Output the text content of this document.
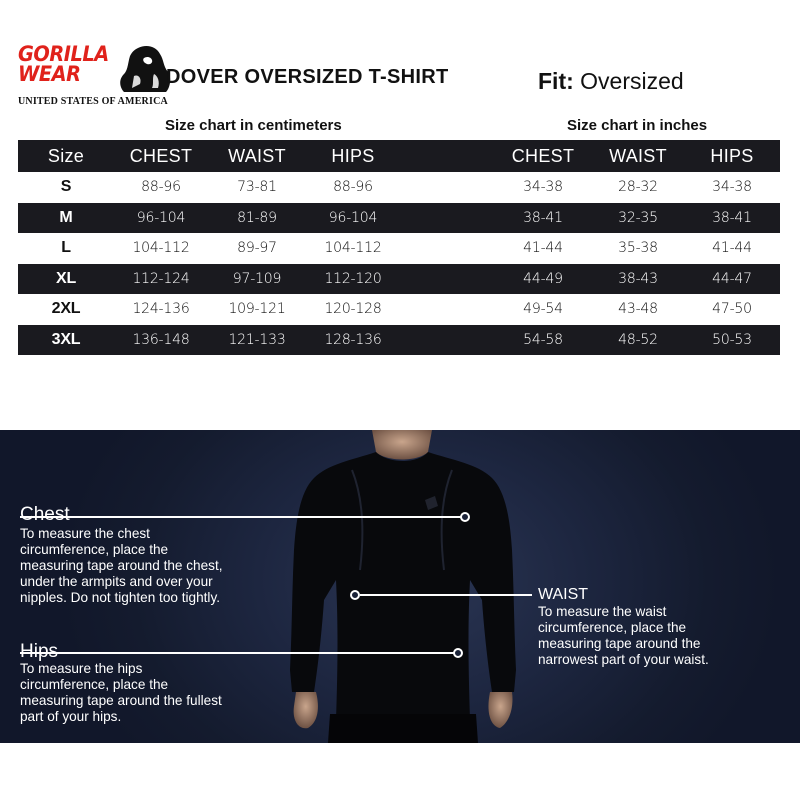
GORILLA
WEAR
UNITED STATES OF AMERICA
DOVER OVERSIZED T-SHIRT	Fit: Oversized
Size chart in centimeters	Size chart in inches
Size	CHEST	WAIST	HIPS	CHEST	WAIST	HIPS
S	88-96	73-81	88-96	34-38	28-32	34-38
M	96-104	81-89	96-104	38-41	32-35	38-41
L	104-112	89-97	104-112	41-44	35-38	41-44
XL	112-124	97-109	112-120	44-49	38-43	44-47
2XL	124-136	109-121	120-128	49-54	43-48	47-50
3XL	136-148	121-133	128-136	54-58	48-52	50-53
Chest
To measure the chest
circumference, place the
measuring tape around the chest,
under the armpits and over your
nipples. Do not tighten too tightly.	WAIST
To measure the waist
circumference, place the
measuring tape around the
narrowest part of your waist.
Hips
To measure the hips
circumference, place the
measuring tape around the fullest
part of your hips.
